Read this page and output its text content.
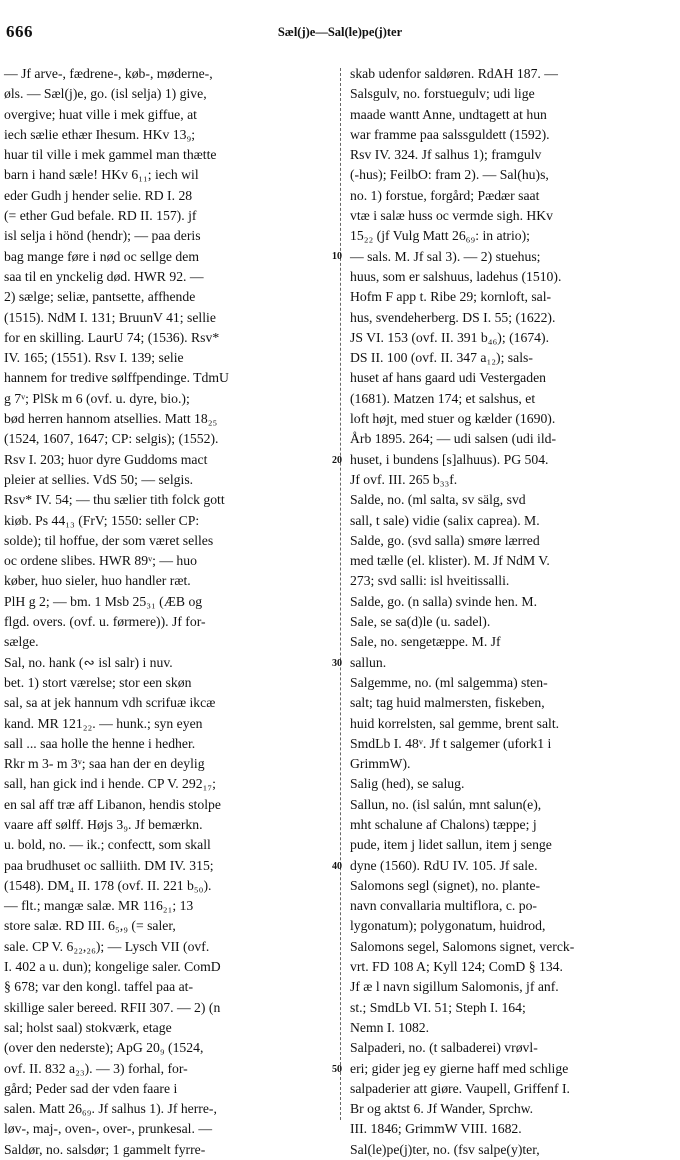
666	Sæl(j)e—Sal(le)pe(j)ter
— Jf arve-, fædrene-, køb-, møderne-,
øls. — Sæl(j)e, go. (isl selja) 1) give,
overgive; huat ville i mek giffue, at
iech sælie ethær Ihesum. HKv 13₉;
huar til ville i mek gammel man thætte
barn i hand sæle! HKv 6₁₁; iech wil
eder Gudh j hender selie. RD I. 28
(= ether Gud befale. RD II. 157). jf
isl selja i hönd (hendr); — paa deris
bag mange føre i nød oc sellge dem
saa til en ynckelig død. HWR 92. —
2) sælge; seliæ, pantsette, affhende
(1515). NdM I. 131; BruunV 41; sellie
for en skilling. LaurU 74; (1536). Rsv*
IV. 165; (1551). Rsv I. 139; selie
hannem for tredive sølffpendinge. TdmU
g 7ᵛ; PlSk m 6 (ovf. u. dyre, bio.);
bød herren hannom atsellies. Matt 18₂₅
(1524, 1607, 1647; CP: selgis); (1552).
Rsv I. 203; huor dyre Guddoms mact
pleier at sellies. VdS 50; — selgis.
Rsv* IV. 54; — thu sælier tith folck gott
kiøb. Ps 44₁₃ (FrV; 1550: seller CP:
solde); til hoffue, der som været selles
oc ordene slibes. HWR 89ᵛ; — huo
køber, huo sieler, huo handler ræt.
PlH g 2; — bm. 1 Msb 25₃₁ (ÆB og
flgd. overs. (ovf. u. førmere)). Jf for-
sælge.
Sal, no. hank (∾ isl salr) i nuv.
bet. 1) stort værelse; stor een skøn
sal, sa at jek hannum vdh scrifuæ ikcæ
kand. MR 121₂₂. — hunk.; syn eyen
sall ... saa holle the henne i hedher.
Rkr m 3- m 3ᵛ; saa han der en deylig
sall, han gick ind i hende. CP V. 292₁₇;
en sal aff træ aff Libanon, hendis stolpe
vaare aff sølff. Højs 3₉. Jf bemærkn.
u. bold, no. — ik.; confectt, som skall
paa brudhuset oc salliith. DM IV. 315;
(1548). DM₄ II. 178 (ovf. II. 221 b₅₀).
— flt.; mangæ salæ. MR 116₂₁; 13
store salæ. RD III. 6₅,₉ (= saler,
sale. CP V. 6₂₂,₂₆); — Lysch VII (ovf.
I. 402 a u. dun); kongelige saler. ComD
§ 678; var den kongl. taffel paa at-
skillige saler bereed. RFII 307. — 2) (n
sal; holst saal) stokværk, etage
(over den nederste); ApG 20₉ (1524,
ovf. II. 832 a₂₃). — 3) forhal, for-
gård; Peder sad der vden faare i
salen. Matt 26₆₉. Jf salhus 1). Jf herre-,
løv-, maj-, oven-, over-, prunkesal. —
Saldør, no. salsdør; 1 gammelt fyrre-
skab udenfor saldøren. RdAH 187. —
Salsgulv, no. forstuegulv; udi lige
maade wantt Anne, undtagett at hun
war framme paa salssguldett (1592).
Rsv IV. 324. Jf salhus 1); framgulv
(-hus); FeilbO: fram 2). — Sal(hu)s,
no. 1) forstue, forgård; Pædær saat
vtæ i salæ huss oc vermde sigh. HKv
15₂₂ (jf Vulg Matt 26₆₉: in atrio);
— sals. M. Jf sal 3). — 2) stuehus;
huus, som er salshuus, ladehus (1510).
Hofm F app t. Ribe 29; kornloft, sal-
hus, svendeherberg. DS I. 55; (1622).
JS VI. 153 (ovf. II. 391 b₄₆); (1674).
DS II. 100 (ovf. II. 347 a₁₂); sals-
huset af hans gaard udi Vestergaden
(1681). Matzen 174; et salshus, et
loft højt, med stuer og kælder (1690).
Årb 1895. 264; — udi salsen (udi ild-
huset, i bundens [s]alhuus). PG 504.
Jf ovf. III. 265 b₃₃f.
Salde, no. (ml salta, sv sälg, svd
sall, t sale) vidie (salix caprea). M.
Salde, go. (svd salla) smøre lærred
med tælle (el. klister). M. Jf NdM V.
273; svd salli: isl hveitissalli.
Salde, go. (n salla) svinde hen. M.
Sale, se sa(d)le (u. sadel).
Sale, no. sengetæppe. M. Jf
sallun.
Salgemme, no. (ml salgemma) sten-
salt; tag huid malmersten, fiskeben,
huid korrelsten, sal gemme, brent salt.
SmdLb I. 48ᵛ. Jf t salgemer (ufork1 i
GrimmW).
Salig (hed), se salug.
Sallun, no. (isl salún, mnt salun(e),
mht schalune af Chalons) tæppe; j
pude, item j lidet sallun, item j senge
dyne (1560). RdU IV. 105. Jf sale.
Salomons segl (signet), no. plante-
navn convallaria multiflora, c. po-
lygonatum); polygonatum, huidrod,
Salomons segel, Salomons signet, verck-
vrt. FD 108 A; Kyll 124; ComD § 134.
Jf æ l navn sigillum Salomonis, jf anf.
st.; SmdLb VI. 51; Steph I. 164;
Nemn I. 1082.
Salpaderi, no. (t salbaderei) vrøvl-
eri; gider jeg ey gierne haff med schlige
salpaderier att giøre. Vaupell, Griffenf I.
Br og aktst 6. Jf Wander, Sprchw.
III. 1846; GrimmW VIII. 1682.
Sal(le)pe(j)ter, no. (fsv salpe(y)ter,
10
20
30
40
50
